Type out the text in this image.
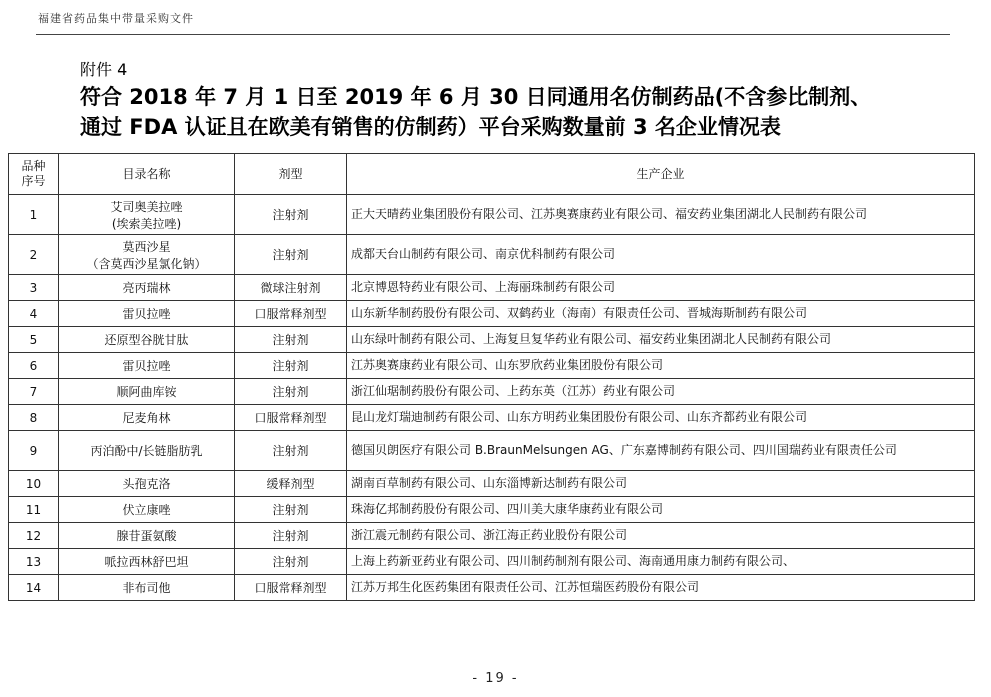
福建省药品集中带量采购文件
附件 4
符合 2018 年 7 月 1 日至 2019 年 6 月 30 日同通用名仿制药品(不含参比制剂、
通过 FDA 认证且在欧美有销售的仿制药）平台采购数量前 3 名企业情况表
品种
序号	目录名称	剂型	生产企业
1	艾司奥美拉唑
(埃索美拉唑)	注射剂	正大天晴药业集团股份有限公司、江苏奥赛康药业有限公司、福安药业集团湖北人民制药有限公司
2	莫西沙星
（含莫西沙星氯化钠）	注射剂	成都天台山制药有限公司、南京优科制药有限公司
3	亮丙瑞林	微球注射剂	北京博恩特药业有限公司、上海丽珠制药有限公司
4	雷贝拉唑	口服常释剂型	山东新华制药股份有限公司、双鹤药业（海南）有限责任公司、晋城海斯制药有限公司
5	还原型谷胱甘肽	注射剂	山东绿叶制药有限公司、上海复旦复华药业有限公司、福安药业集团湖北人民制药有限公司
6	雷贝拉唑	注射剂	江苏奥赛康药业有限公司、山东罗欣药业集团股份有限公司
7	顺阿曲库铵	注射剂	浙江仙琚制药股份有限公司、上药东英（江苏）药业有限公司
8	尼麦角林	口服常释剂型	昆山龙灯瑞迪制药有限公司、山东方明药业集团股份有限公司、山东齐都药业有限公司
9	丙泊酚中/长链脂肪乳	注射剂	德国贝朗医疗有限公司 B.BraunMelsungen AG、广东嘉博制药有限公司、四川国瑞药业有限责任公司
10	头孢克洛	缓释剂型	湖南百草制药有限公司、山东淄博新达制药有限公司
11	伏立康唑	注射剂	珠海亿邦制药股份有限公司、四川美大康华康药业有限公司
12	腺苷蛋氨酸	注射剂	浙江震元制药有限公司、浙江海正药业股份有限公司
13	哌拉西林舒巴坦	注射剂	上海上药新亚药业有限公司、四川制药制剂有限公司、海南通用康力制药有限公司、
14	非布司他	口服常释剂型	江苏万邦生化医药集团有限责任公司、江苏恒瑞医药股份有限公司
- 19 -
